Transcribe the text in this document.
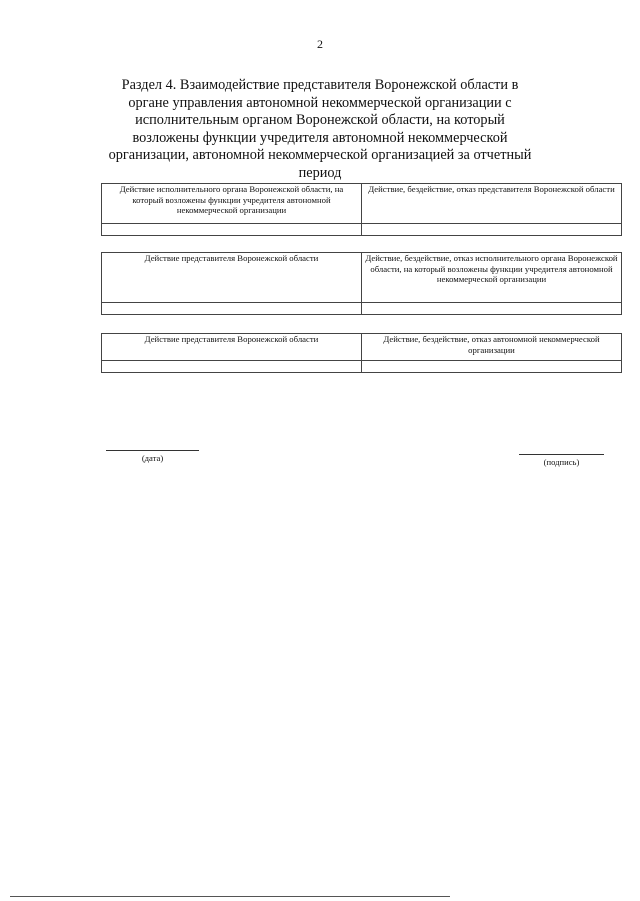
2
Раздел 4. Взаимодействие представителя Воронежской области в органе управления автономной некоммерческой организации с исполнительным органом Воронежской области, на который возложены функции учредителя автономной некоммерческой организации, автономной некоммерческой организацией за отчетный период
Действие исполнительного органа Воронежской области, на который возложены функции учредителя автономной некоммерческой организации	Действие, бездействие, отказ представителя Воронежской области

Действие представителя Воронежской области	Действие, бездействие, отказ исполнительного органа Воронежской области, на который возложены функции учредителя автономной некоммерческой организации

Действие представителя Воронежской области	Действие, бездействие, отказ автономной некоммерческой организации

(дата)	(подпись)
